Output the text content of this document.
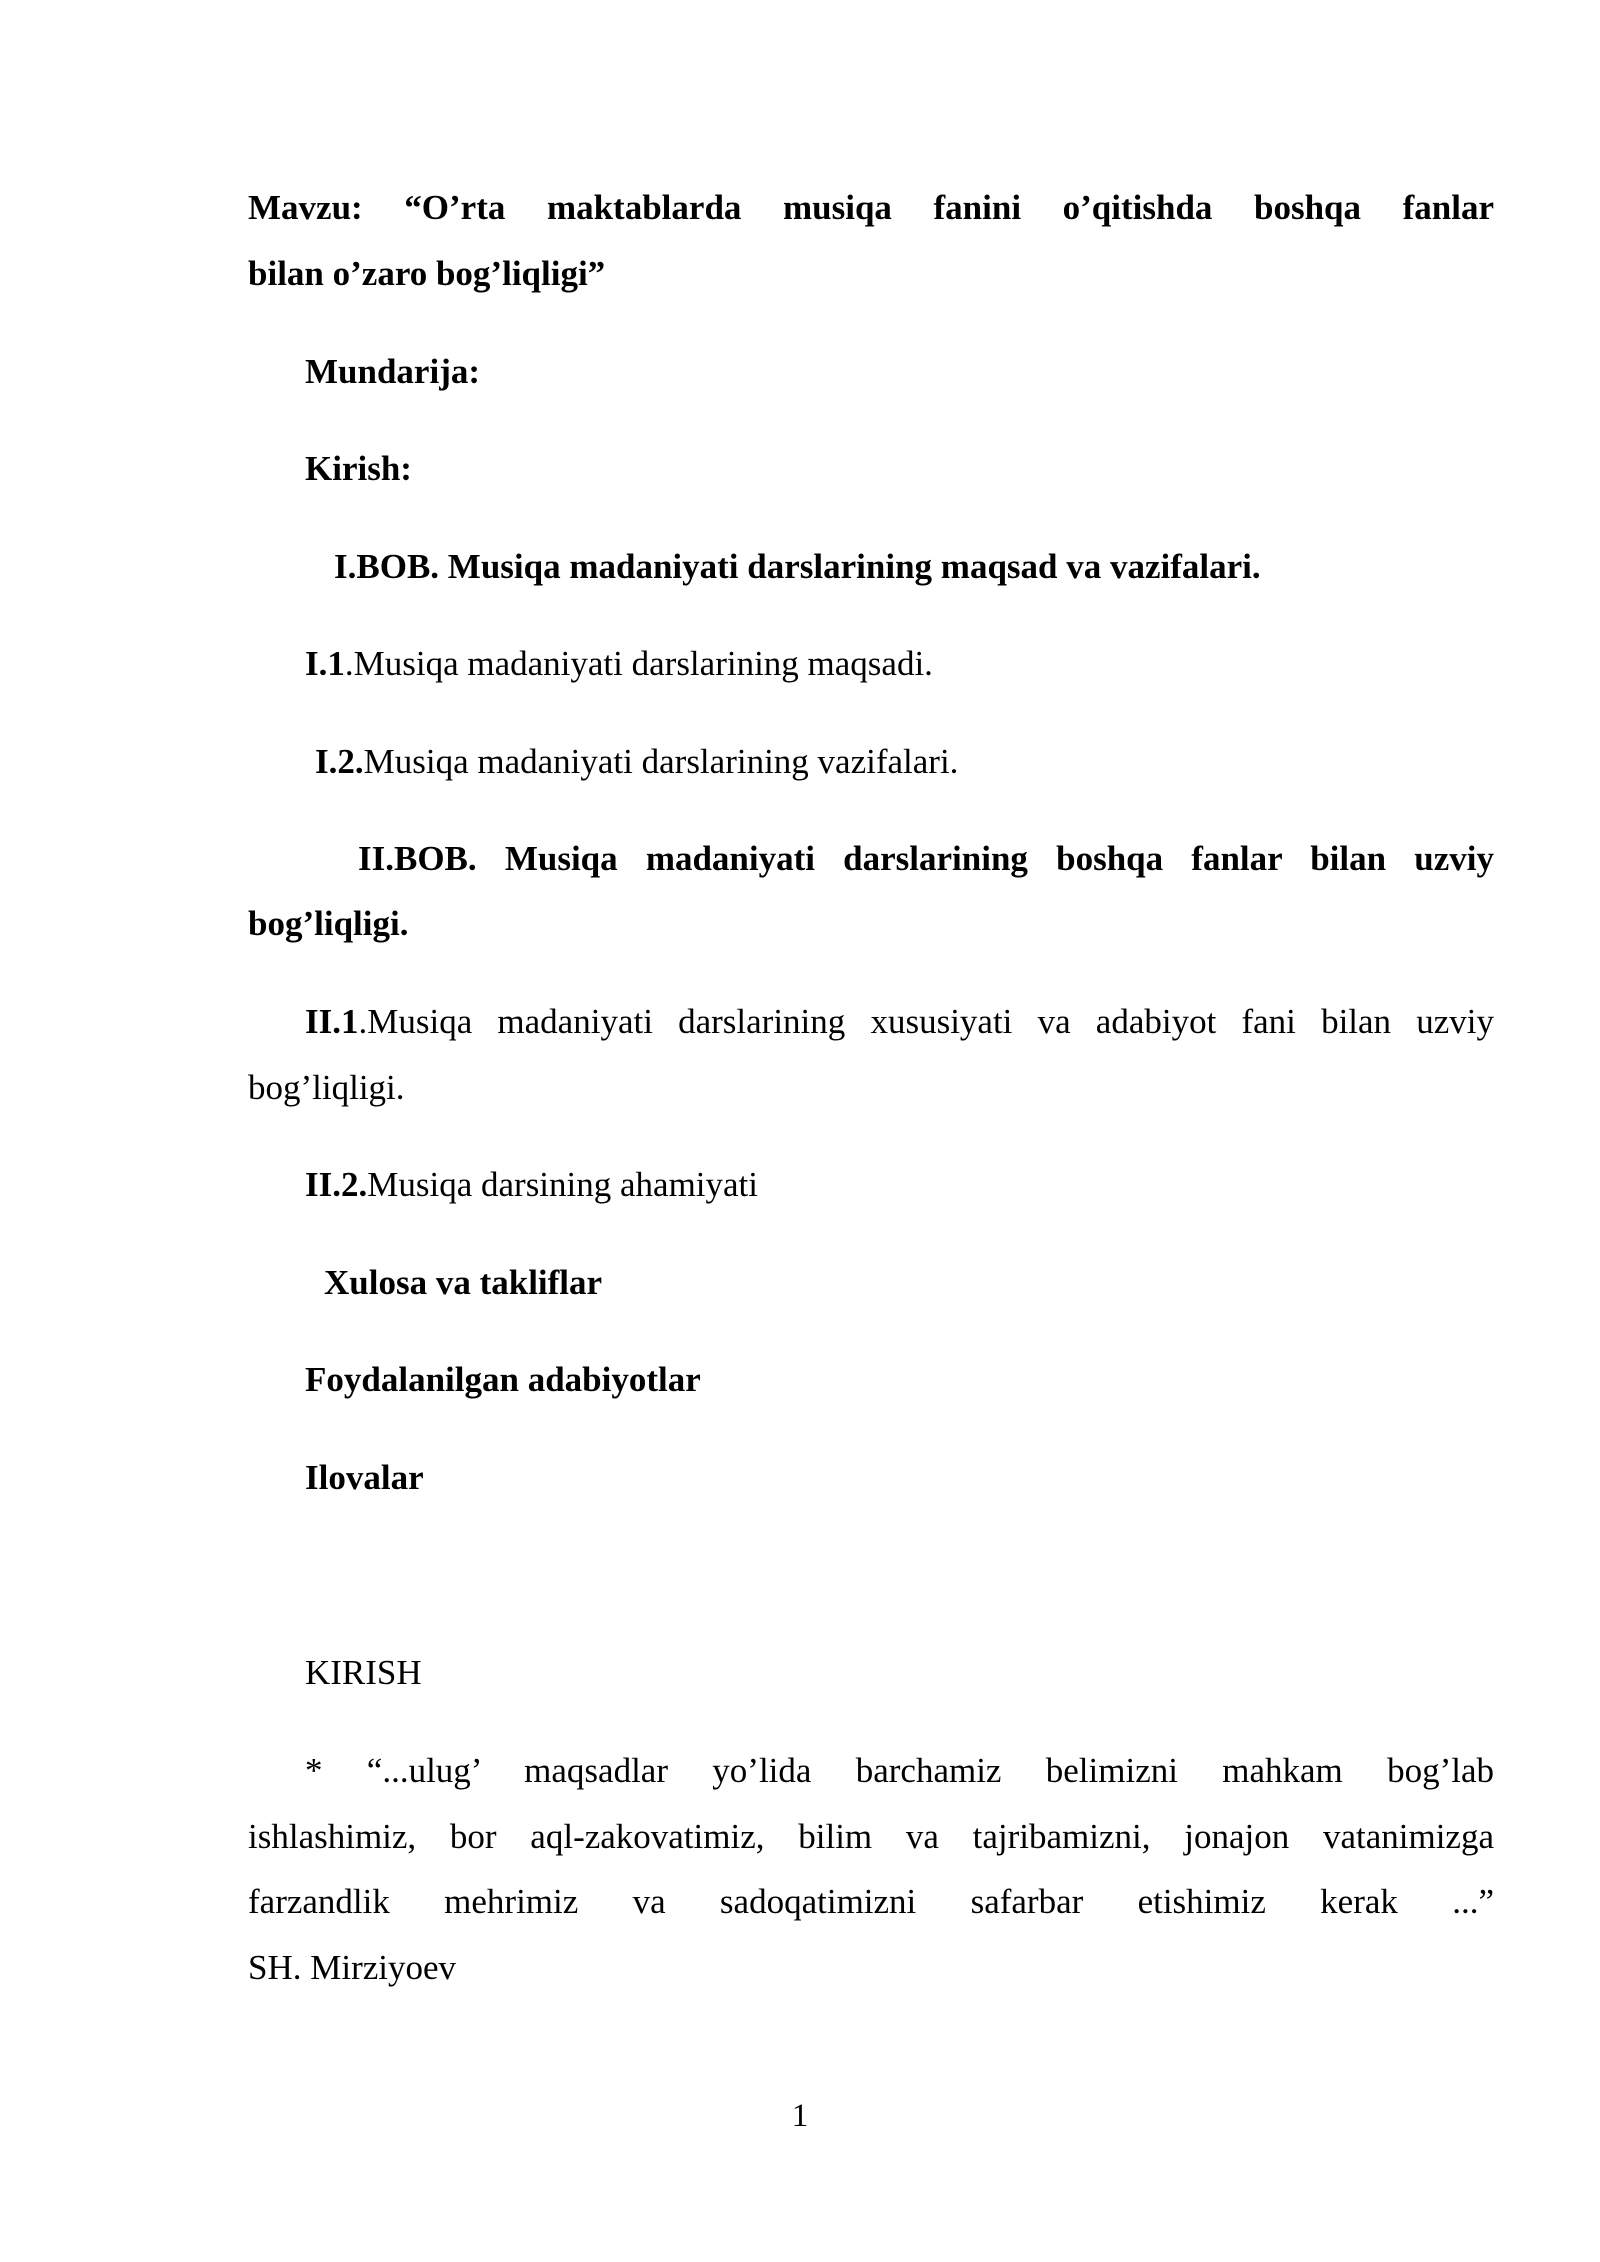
Mavzu: “O’rta maktablarda musiqa fanini o’qitishda boshqa fanlar
bilan o’zaro bog’liqligi”
Mundarija:
Kirish:
I.BOB. Musiqa madaniyati darslarining maqsad va vazifalari.
I.1.Musiqa madaniyati darslarining maqsadi.
I.2.Musiqa madaniyati darslarining vazifalari.
II.BOB. Musiqa madaniyati darslarining boshqa fanlar bilan uzviy
bog’liqligi.
II.1.Musiqa madaniyati darslarining xususiyati va adabiyot fani bilan uzviy
bog’liqligi.
II.2.Musiqa darsining ahamiyati
Xulosa va takliflar
Foydalanilgan adabiyotlar
Ilovalar
KIRISH
* “...ulug’ maqsadlar yo’lida barchamiz belimizni mahkam bog’lab
ishlashimiz, bor aql-zakovatimiz, bilim va tajribamizni, jonajon vatanimizga
farzandlik mehrimiz va sadoqatimizni safarbar etishimiz kerak ...”
SH. Mirziyoev
1
